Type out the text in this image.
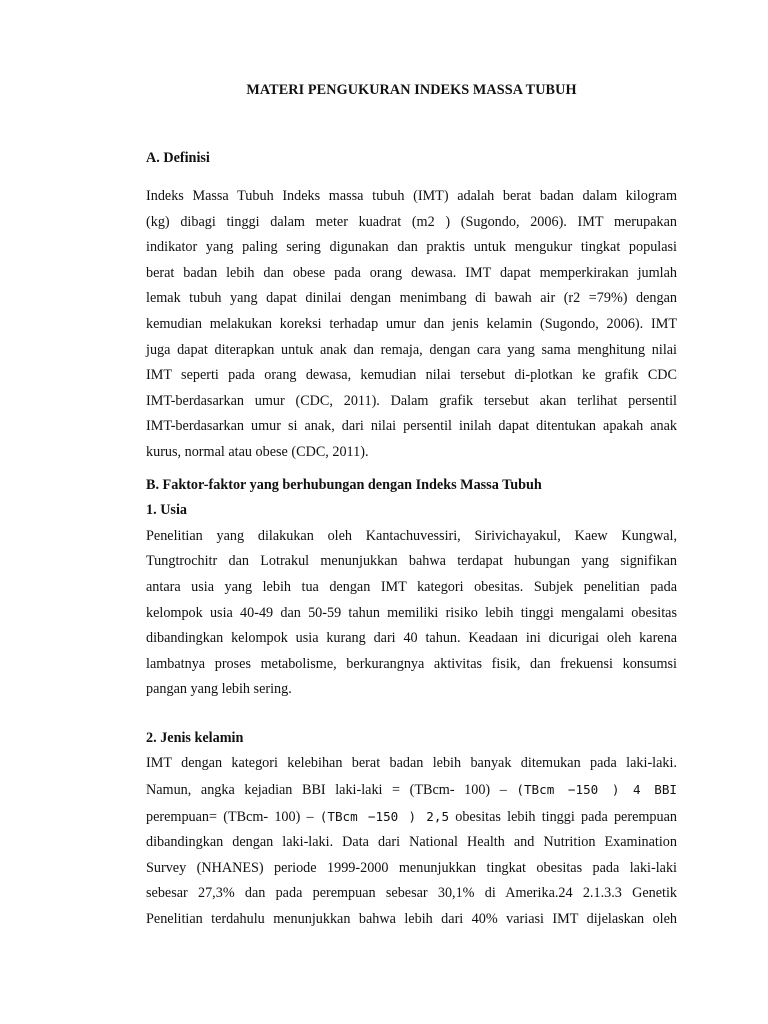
MATERI PENGUKURAN INDEKS MASSA TUBUH
A. Definisi
Indeks Massa Tubuh Indeks massa tubuh (IMT) adalah berat badan dalam kilogram
(kg) dibagi tinggi dalam meter kuadrat (m2 ) (Sugondo, 2006). IMT merupakan
indikator yang paling sering digunakan dan praktis untuk mengukur tingkat populasi
berat badan lebih dan obese pada orang dewasa. IMT dapat memperkirakan jumlah
lemak tubuh yang dapat dinilai dengan menimbang di bawah air (r2 =79%) dengan
kemudian melakukan koreksi terhadap umur dan jenis kelamin (Sugondo, 2006). IMT
juga dapat diterapkan untuk anak dan remaja, dengan cara yang sama menghitung nilai
IMT seperti pada orang dewasa, kemudian nilai tersebut di-plotkan ke grafik CDC
IMT-berdasarkan umur (CDC, 2011). Dalam grafik tersebut akan terlihat persentil
IMT-berdasarkan umur si anak, dari nilai persentil inilah dapat ditentukan apakah anak
kurus, normal atau obese (CDC, 2011).
B. Faktor-faktor yang berhubungan dengan Indeks Massa Tubuh
1. Usia
Penelitian yang dilakukan oleh Kantachuvessiri, Sirivichayakul, Kaew Kungwal,
Tungtrochitr dan Lotrakul menunjukkan bahwa terdapat hubungan yang signifikan
antara usia yang lebih tua dengan IMT kategori obesitas. Subjek penelitian pada
kelompok usia 40-49 dan 50-59 tahun memiliki risiko lebih tinggi mengalami obesitas
dibandingkan kelompok usia kurang dari 40 tahun. Keadaan ini dicurigai oleh karena
lambatnya proses metabolisme, berkurangnya aktivitas fisik, dan frekuensi konsumsi
pangan yang lebih sering.
2. Jenis kelamin
IMT dengan kategori kelebihan berat badan lebih banyak ditemukan pada laki-laki.
Namun, angka kejadian BBI laki-laki = (TBcm- 100) – (TBcm −150 ) 4 BBI
perempuan= (TBcm- 100) – (TBcm −150 ) 2,5 obesitas lebih tinggi pada perempuan
dibandingkan dengan laki-laki. Data dari National Health and Nutrition Examination
Survey (NHANES) periode 1999-2000 menunjukkan tingkat obesitas pada laki-laki
sebesar 27,3% dan pada perempuan sebesar 30,1% di Amerika.24 2.1.3.3 Genetik
Penelitian terdahulu menunjukkan bahwa lebih dari 40% variasi IMT dijelaskan oleh
